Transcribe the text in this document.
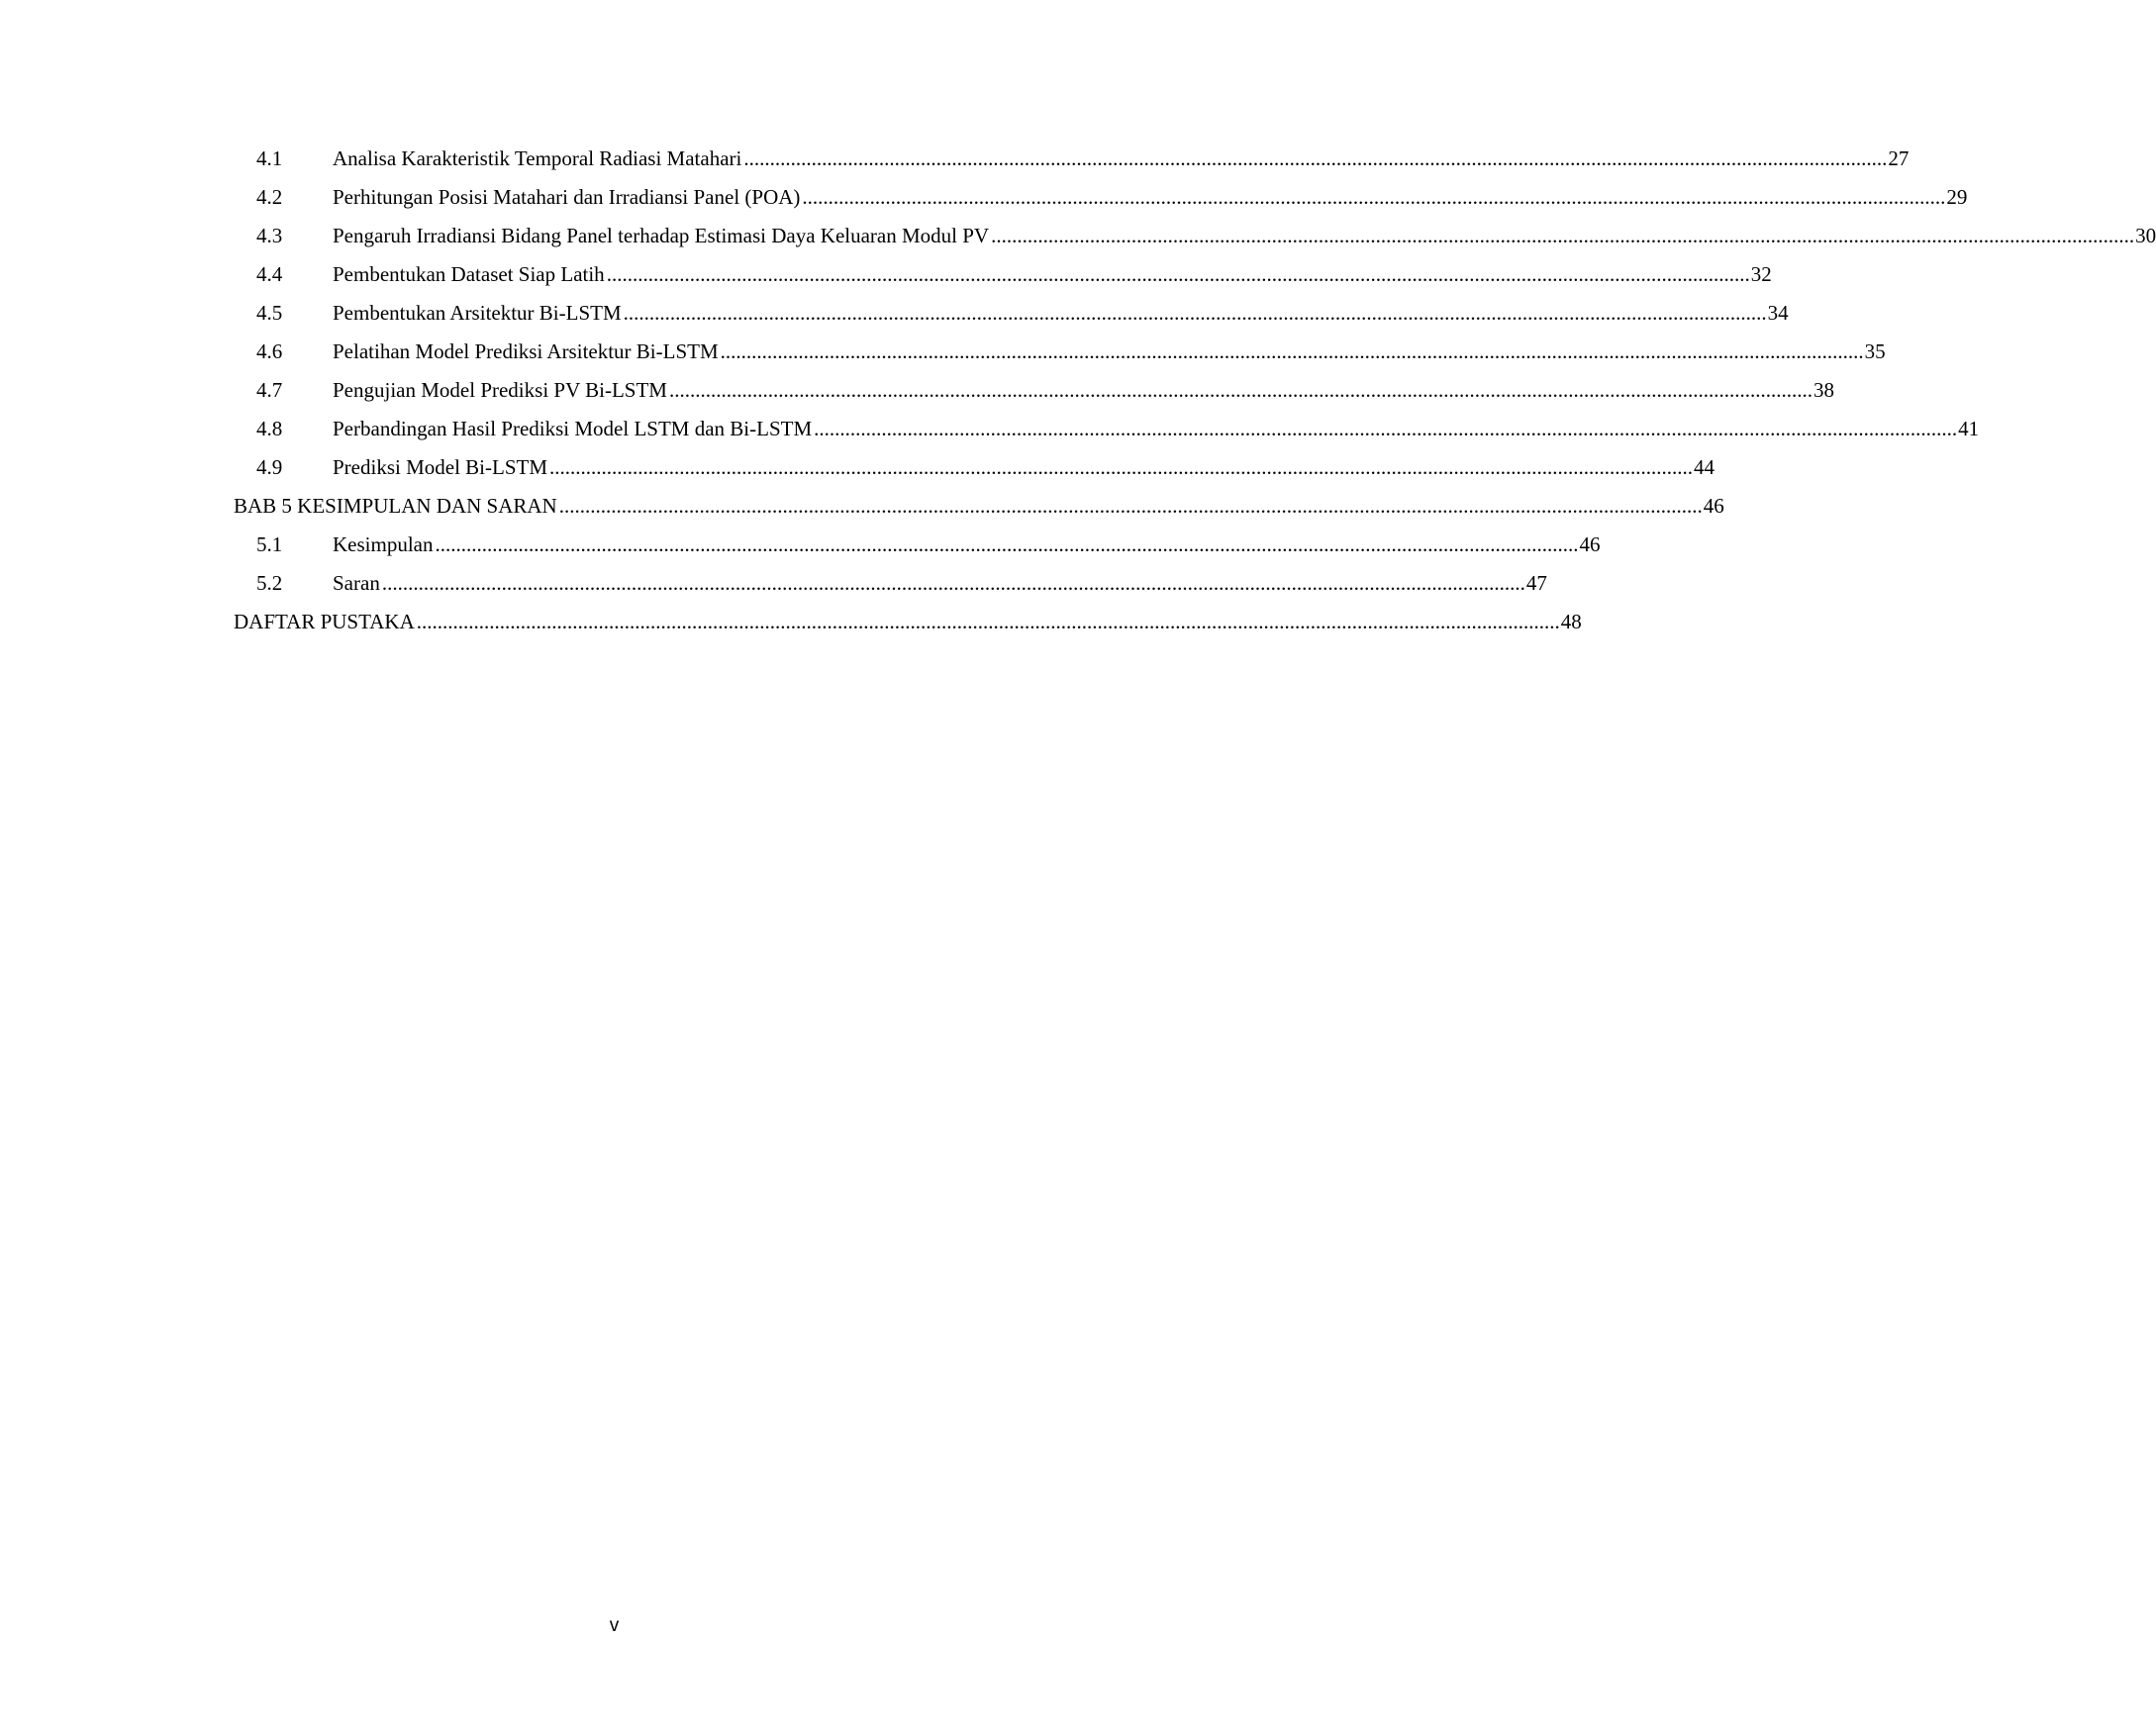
4.1	Analisa Karakteristik Temporal Radiasi Matahari ............................................................................................................................................................................................................................ 27
4.2	Perhitungan Posisi Matahari dan Irradiansi Panel (POA) ............................................................................................................................................................................................................................ 29
4.3	Pengaruh Irradiansi Bidang Panel terhadap Estimasi Daya Keluaran Modul PV ............................................................................................................................................................................................................................ 30
4.4	Pembentukan Dataset Siap Latih ............................................................................................................................................................................................................................ 32
4.5	Pembentukan Arsitektur Bi-LSTM ............................................................................................................................................................................................................................ 34
4.6	Pelatihan Model Prediksi Arsitektur Bi-LSTM ............................................................................................................................................................................................................................ 35
4.7	Pengujian Model Prediksi PV Bi-LSTM ............................................................................................................................................................................................................................ 38
4.8	Perbandingan Hasil Prediksi Model LSTM dan Bi-LSTM ............................................................................................................................................................................................................................ 41
4.9	Prediksi Model Bi-LSTM ............................................................................................................................................................................................................................ 44
BAB 5 KESIMPULAN DAN SARAN ............................................................................................................................................................................................................................ 46
5.1	Kesimpulan ............................................................................................................................................................................................................................ 46
5.2	Saran ............................................................................................................................................................................................................................ 47
DAFTAR PUSTAKA ............................................................................................................................................................................................................................ 48
v
